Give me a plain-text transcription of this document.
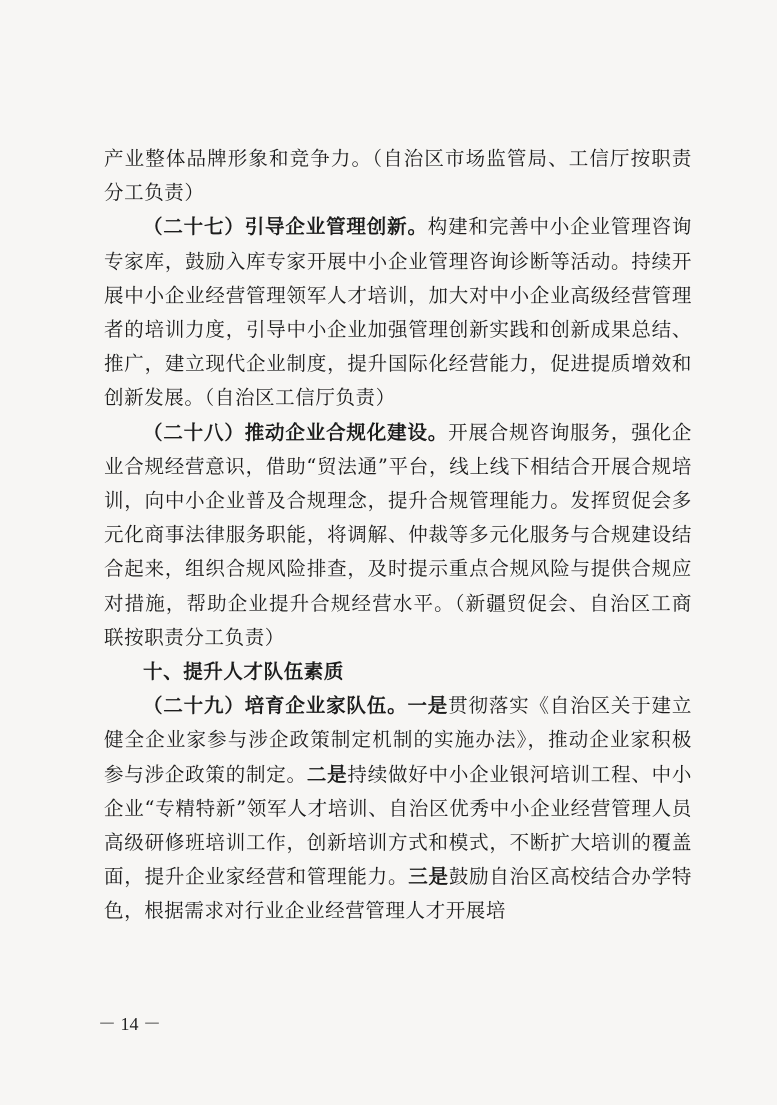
产业整体品牌形象和竞争力。（自治区市场监管局、工信厅按职责分工负责）

（二十七）引导企业管理创新。构建和完善中小企业管理咨询专家库，鼓励入库专家开展中小企业管理咨询诊断等活动。持续开展中小企业经营管理领军人才培训，加大对中小企业高级经营管理者的培训力度，引导中小企业加强管理创新实践和创新成果总结、推广，建立现代企业制度，提升国际化经营能力，促进提质增效和创新发展。（自治区工信厅负责）

（二十八）推动企业合规化建设。开展合规咨询服务，强化企业合规经营意识，借助“贸法通”平台，线上线下相结合开展合规培训，向中小企业普及合规理念，提升合规管理能力。发挥贸促会多元化商事法律服务职能，将调解、仲裁等多元化服务与合规建设结合起来，组织合规风险排查，及时提示重点合规风险与提供合规应对措施，帮助企业提升合规经营水平。（新疆贸促会、自治区工商联按职责分工负责）

十、提升人才队伍素质

（二十九）培育企业家队伍。一是贯彻落实《自治区关于建立健全企业家参与涉企政策制定机制的实施办法》，推动企业家积极参与涉企政策的制定。二是持续做好中小企业银河培训工程、中小企业“专精特新”领军人才培训、自治区优秀中小企业经营管理人员高级研修班培训工作，创新培训方式和模式，不断扩大培训的覆盖面，提升企业家经营和管理能力。三是鼓励自治区高校结合办学特色，根据需求对行业企业经营管理人才开展培

－ 14 －
